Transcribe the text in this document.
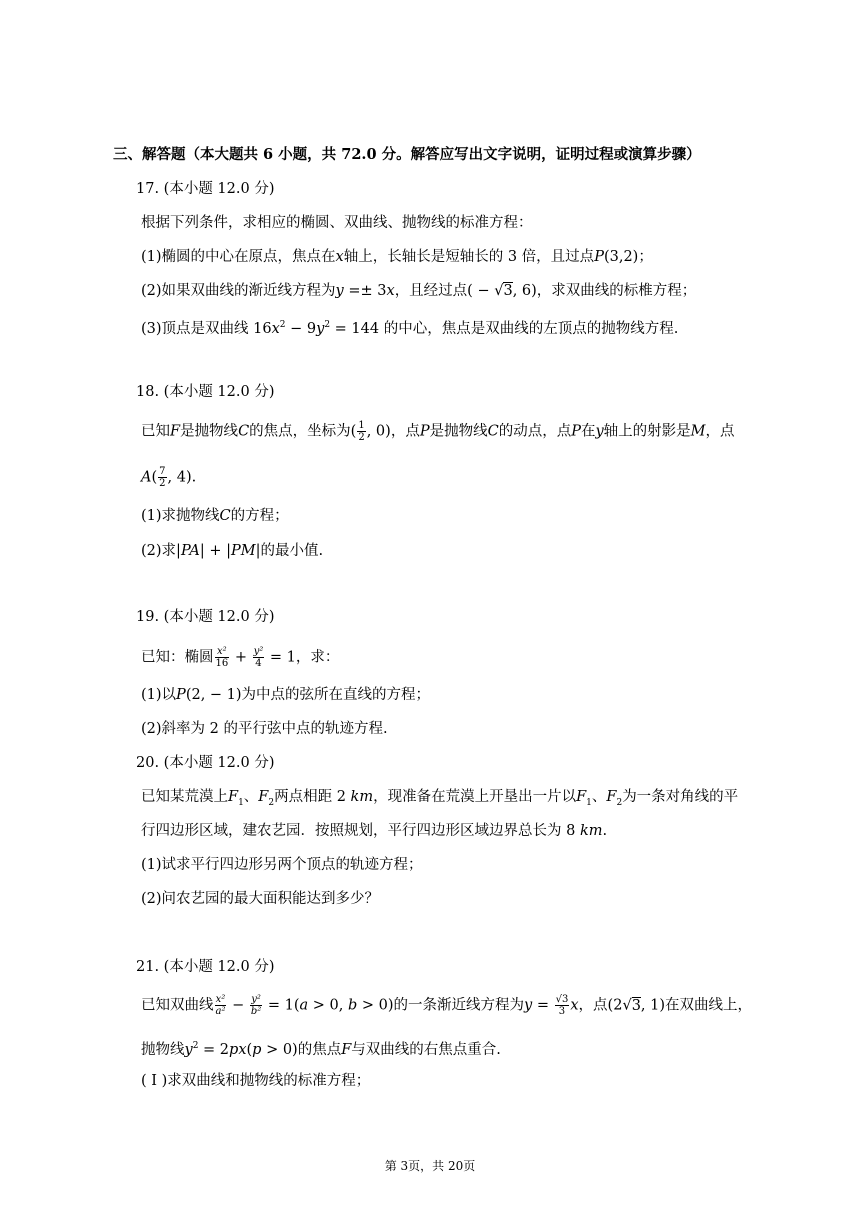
三、解答题（本大题共 6 小题，共 72.0 分。解答应写出文字说明，证明过程或演算步骤）
17. (本小题 12.0 分)
根据下列条件，求相应的椭圆、双曲线、抛物线的标准方程：
(1)椭圆的中心在原点，焦点在x轴上，长轴长是短轴长的 3 倍，且过点P(3,2)；
(2)如果双曲线的渐近线方程为y =± 3x，且经过点( − √3, 6)，求双曲线的标椎方程；
(3)顶点是双曲线 $16x^2 - 9y^2 = 144$ 的中心，焦点是双曲线的左顶点的抛物线方程.
18. (本小题 12.0 分)
已知F是抛物线C的焦点，坐标为( $\frac{1}{2}$ , 0)，点P是抛物线C的动点，点P在y轴上的射影是M，点
$A( \frac{7}{2}$ , 4).
(1)求抛物线C的方程；
(2)求|PA| + |PM|的最小值.
19. (本小题 12.0 分)
已知：椭圆 $\frac{\text{x²}}{16} + \frac{\text{y²}}{4} = 1$，求：
(1)以P(2, − 1)为中点的弦所在直线的方程；
(2)斜率为 2 的平行弦中点的轨迹方程.
20. (本小题 12.0 分)
已知某荒漠上$F_1$、$F_2$两点相距 2 km，现准备在荒漠上开垦出一片以$F_1$、$F_2$为一条对角线的平
行四边形区域，建农艺园．按照规划，平行四边形区域边界总长为 8 km.
(1)试求平行四边形另两个顶点的轨迹方程；
(2)问农艺园的最大面积能达到多少？
21. (本小题 12.0 分)
已知双曲线 $\frac{\text{x²}}{\text{a²}} - \frac{\text{y²}}{\text{b²}} = 1(a > 0$, b > 0)的一条渐近线方程为$y = \frac{√3}{3}$ x，点(2√3, 1)在双曲线上，
抛物线$y^2 = 2px(p > 0)$的焦点F与双曲线的右焦点重合.
( I )求双曲线和抛物线的标准方程；
第 3页，共 20页
